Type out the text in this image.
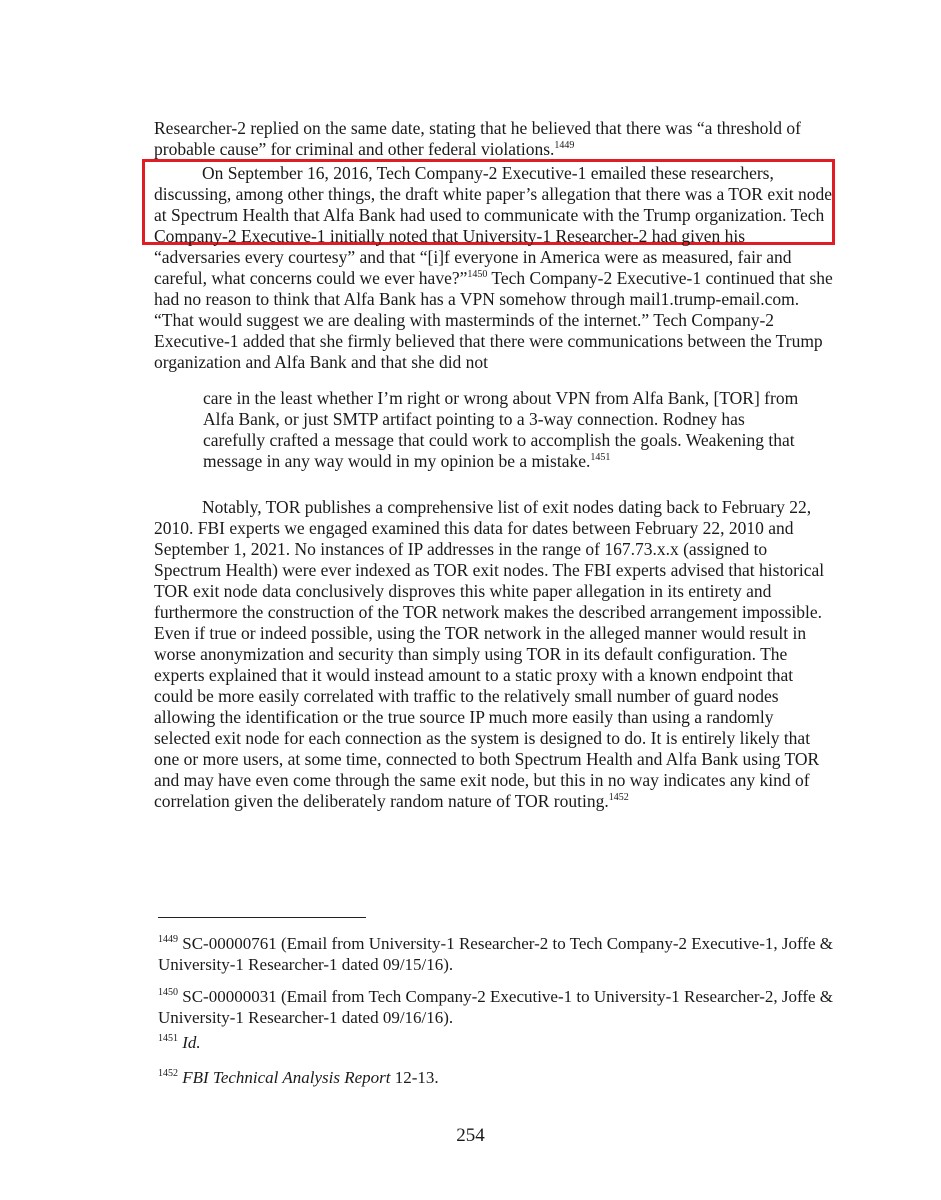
Researcher-2 replied on the same date, stating that he believed that there was “a threshold of probable cause” for criminal and other federal violations.$^{1449}$

On September 16, 2016, Tech Company-2 Executive-1 emailed these researchers, discussing, among other things, the draft white paper’s allegation that there was a TOR exit node at Spectrum Health that Alfa Bank had used to communicate with the Trump organization. Tech Company-2 Executive-1 initially noted that University-1 Researcher-2 had given his “adversaries every courtesy” and that “[i]f everyone in America were as measured, fair and careful, what concerns could we ever have?”$^{1450}$ Tech Company-2 Executive-1 continued that she had no reason to think that Alfa Bank has a VPN somehow through mail1.trump-email.com. “That would suggest we are dealing with masterminds of the internet.” Tech Company-2 Executive-1 added that she firmly believed that there were communications between the Trump organization and Alfa Bank and that she did not

care in the least whether I’m right or wrong about VPN from Alfa Bank, [TOR] from Alfa Bank, or just SMTP artifact pointing to a 3-way connection. Rodney has carefully crafted a message that could work to accomplish the goals. Weakening that message in any way would in my opinion be a mistake.$^{1451}$

Notably, TOR publishes a comprehensive list of exit nodes dating back to February 22, 2010. FBI experts we engaged examined this data for dates between February 22, 2010 and September 1, 2021. No instances of IP addresses in the range of 167.73.x.x (assigned to Spectrum Health) were ever indexed as TOR exit nodes. The FBI experts advised that historical TOR exit node data conclusively disproves this white paper allegation in its entirety and furthermore the construction of the TOR network makes the described arrangement impossible. Even if true or indeed possible, using the TOR network in the alleged manner would result in worse anonymization and security than simply using TOR in its default configuration. The experts explained that it would instead amount to a static proxy with a known endpoint that could be more easily correlated with traffic to the relatively small number of guard nodes allowing the identification or the true source IP much more easily than using a randomly selected exit node for each connection as the system is designed to do. It is entirely likely that one or more users, at some time, connected to both Spectrum Health and Alfa Bank using TOR and may have even come through the same exit node, but this in no way indicates any kind of correlation given the deliberately random nature of TOR routing.$^{1452}$

$^{1449}$ SC-00000761 (Email from University-1 Researcher-2 to Tech Company-2 Executive-1, Joffe & University-1 Researcher-1 dated 09/15/16).

$^{1450}$ SC-00000031 (Email from Tech Company-2 Executive-1 to University-1 Researcher-2, Joffe & University-1 Researcher-1 dated 09/16/16).

$^{1451}$ Id.

$^{1452}$ FBI Technical Analysis Report 12-13.

254
